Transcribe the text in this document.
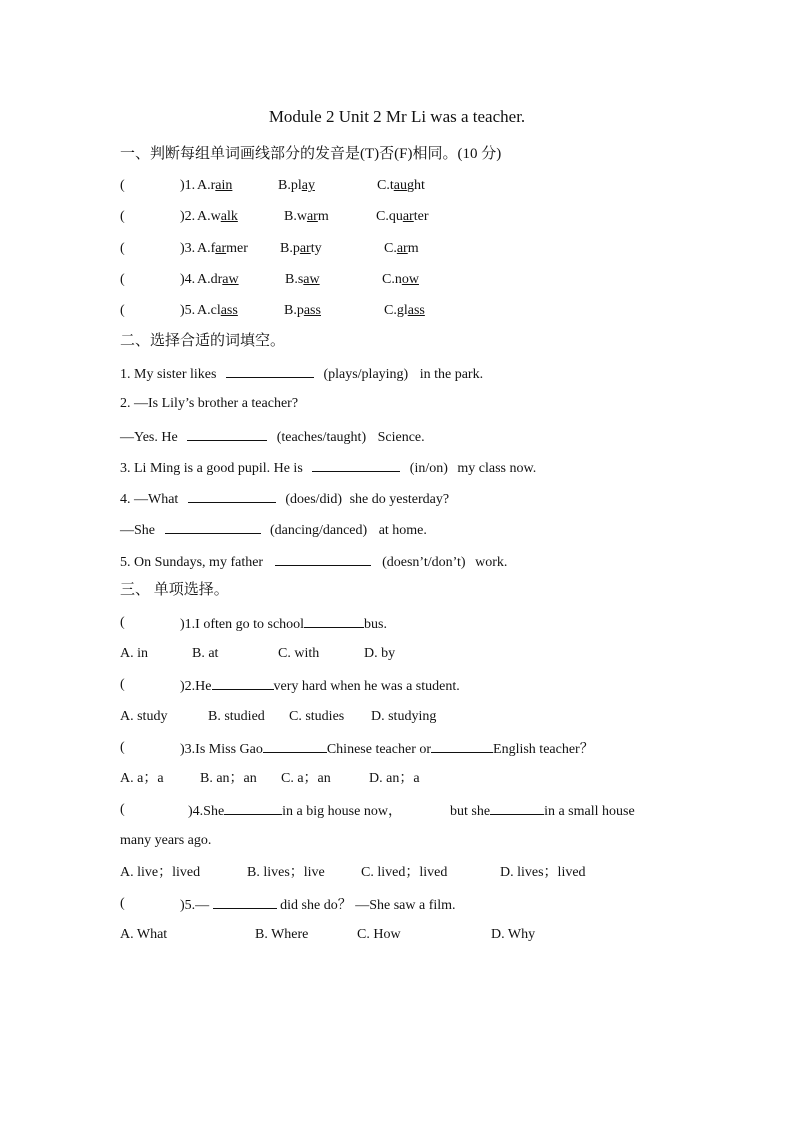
Module 2 Unit 2 Mr Li was a teacher.
一、判断每组单词画线部分的发音是(T)否(F)相同。(10 分)
(	)1. A.rain	B.play	C.taught
(	)2. A.walk	B.warm	C.quarter
(	)3. A.farmer B.party	C.arm
(	)4. A.draw	B.saw	C.now
(	)5. A.class	B.pass	C.glass
二、选择合适的词填空。
1. My sister likes	(plays/playing) in the park.
2. —Is Lily’s brother a teacher?
—Yes. He	(teaches/taught) Science.
3. Li Ming is a good pupil. He is	(in/on) my class now.
4. —What	(does/did) she do yesterday?
—She	(dancing/danced) at home.
5. On Sundays, my father	(doesn’t/don’t) work.
三、 单项选择。
(	)1.I often go to school	bus.
A. in	B. at	C. with	D. by
(	)2.He	very hard when he was a student.
A. study	B. studied C. studies D. studying
(	)3.Is Miss Gao	Chinese teacher or	English teacher？
A. a；a	B. an；an C. a；an	D. an；a
(	)4.She	in a big house now，	but she	in a small house
many years ago.
A. live；lived	B. lives；live	C. lived；lived	D. lives；lived
(	)5.—	did she do？ —She saw a film.
A. What	B. Where	C. How	D. Why
